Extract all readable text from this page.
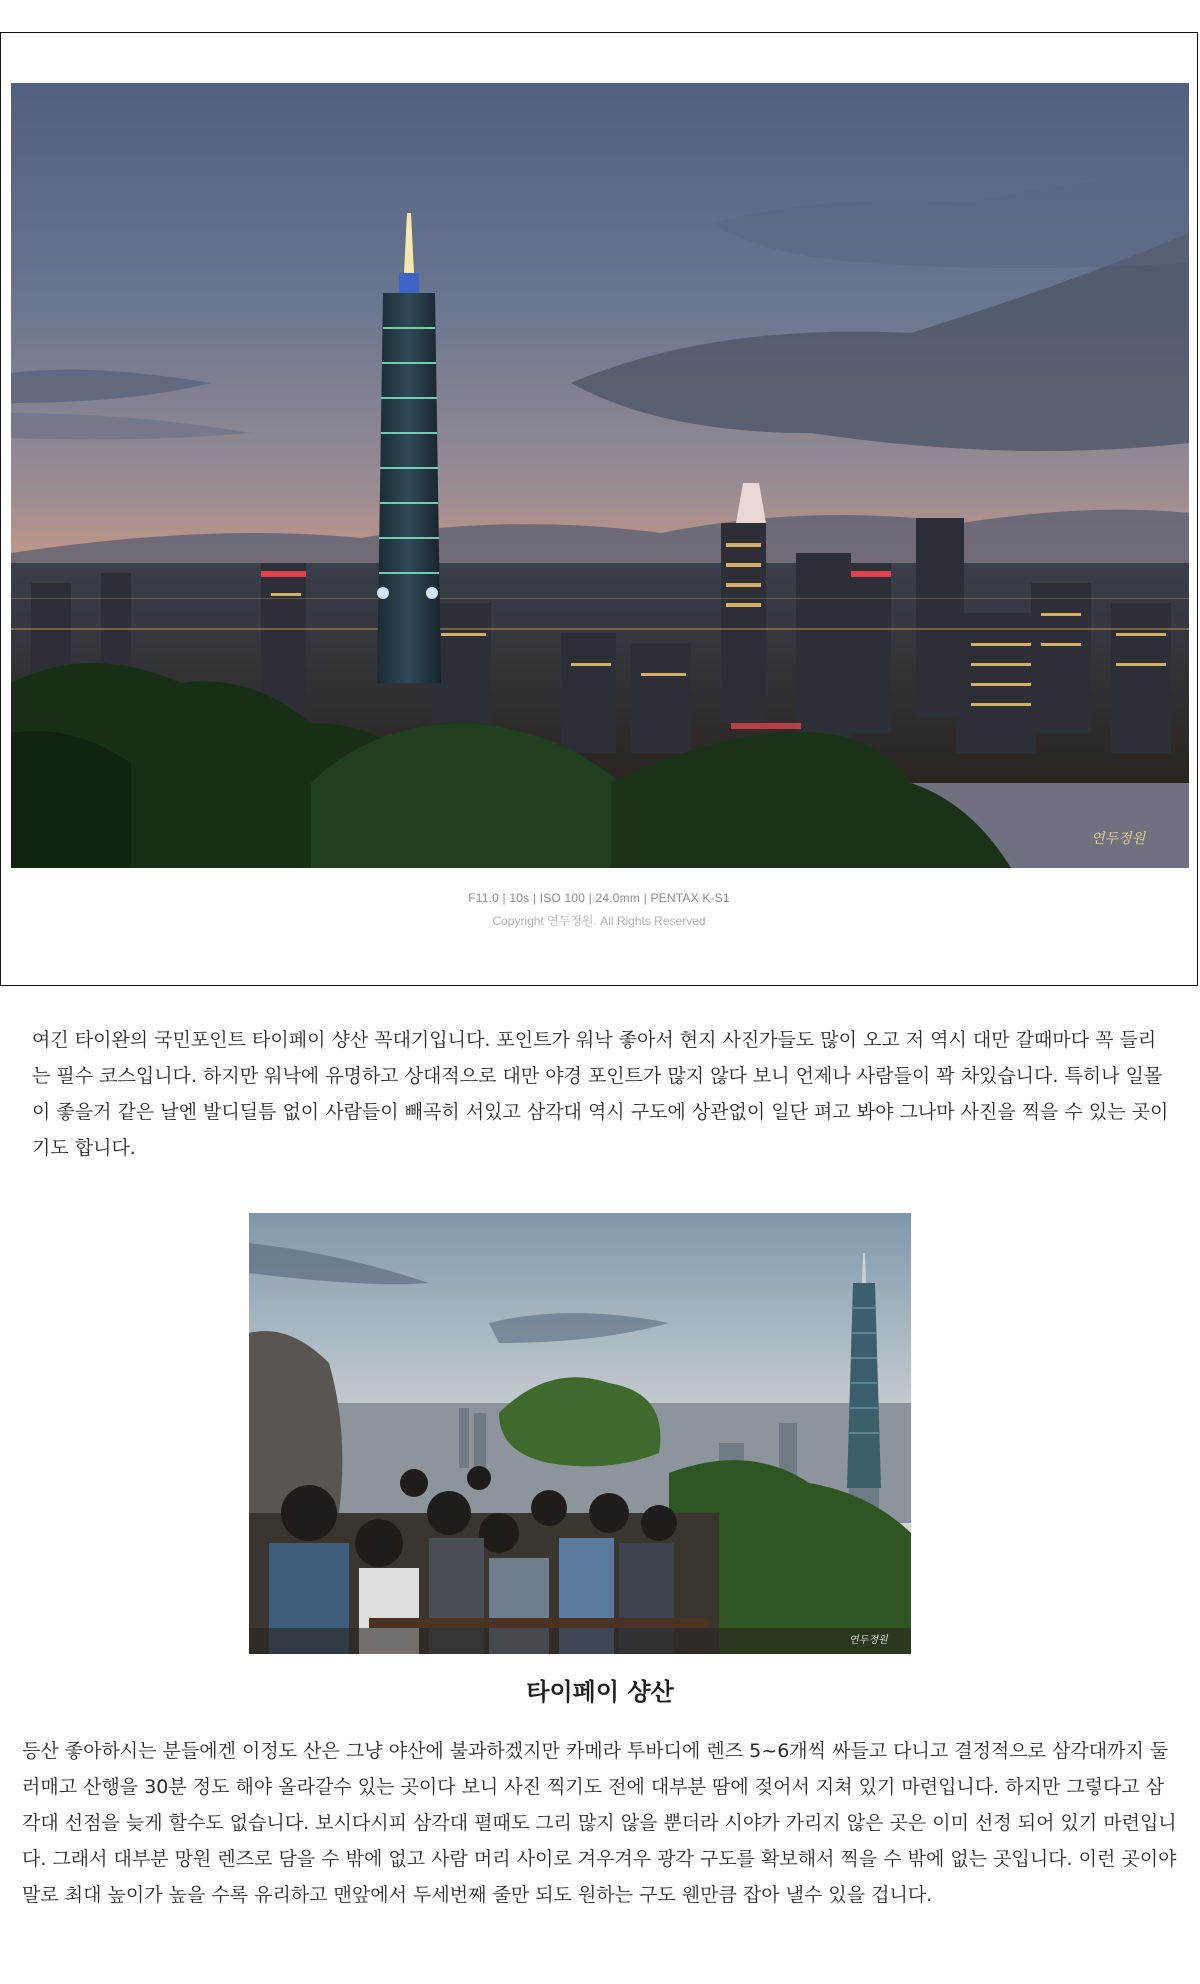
연두정원
F11.0 | 10s | ISO 100 | 24.0mm | PENTAX K-S1
Copyright 연두정원. All Rights Reserved

여긴 타이완의 국민포인트 타이페이 샹산 꼭대기입니다. 포인트가 워낙 좋아서 현지 사진가들도 많이 오고 저 역시 대만 갈때마다 꼭 들리는 필수 코스입니다. 하지만 워낙에 유명하고 상대적으로 대만 야경 포인트가 많지 않다 보니 언제나 사람들이 꽉 차있습니다. 특히나 일몰이 좋을거 같은 날엔 발디딜틈 없이 사람들이 빼곡히 서있고 삼각대 역시 구도에 상관없이 일단 펴고 봐야 그나마 사진을 찍을 수 있는 곳이기도 합니다.

연두정원
타이페이 샹산

등산 좋아하시는 분들에겐 이정도 산은 그냥 야산에 불과하겠지만 카메라 투바디에 렌즈 5~6개씩 싸들고 다니고 결정적으로 삼각대까지 둘러매고 산행을 30분 정도 해야 올라갈수 있는 곳이다 보니 사진 찍기도 전에 대부분 땀에 젖어서 지쳐 있기 마련입니다. 하지만 그렇다고 삼각대 선점을 늦게 할수도 없습니다. 보시다시피 삼각대 펼때도 그리 많지 않을 뿐더라 시야가 가리지 않은 곳은 이미 선정 되어 있기 마련입니다. 그래서 대부분 망원 렌즈로 담을 수 밖에 없고 사람 머리 사이로 겨우겨우 광각 구도를 확보해서 찍을 수 밖에 없는 곳입니다. 이런 곳이야말로 최대 높이가 높을 수록 유리하고 맨앞에서 두세번째 줄만 되도 원하는 구도 웬만큼 잡아 낼수 있을 겁니다.
